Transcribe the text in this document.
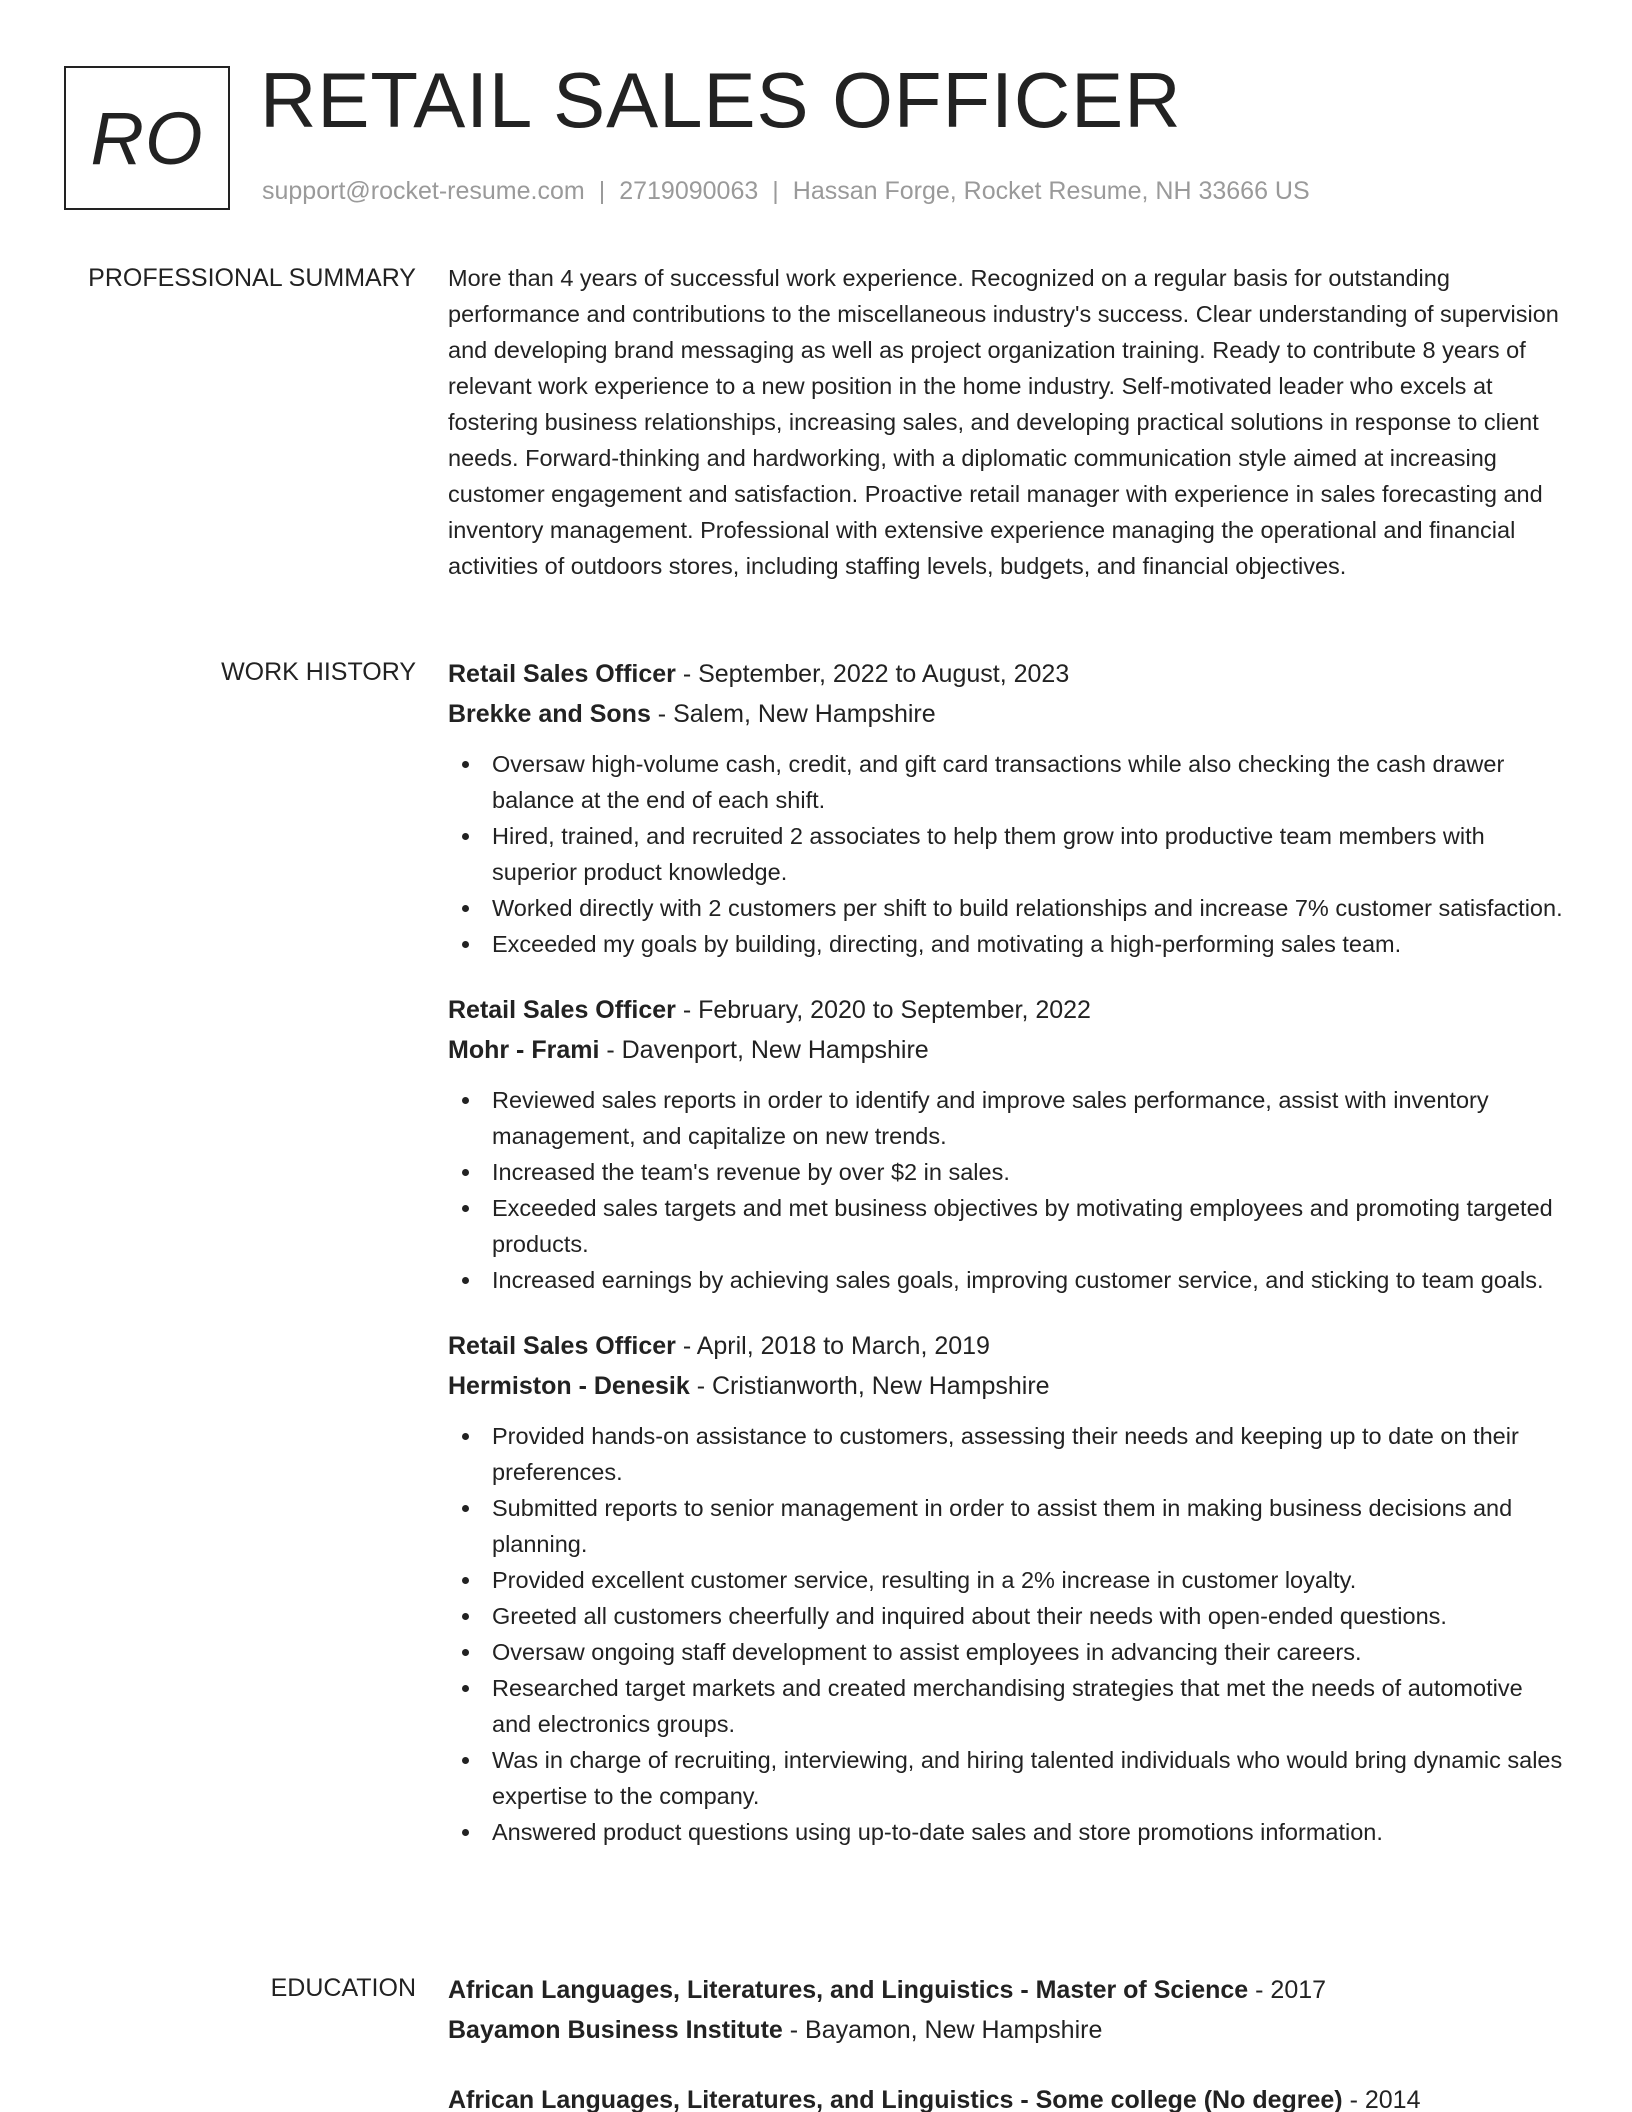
RO RETAIL SALES OFFICER
support@rocket-resume.com | 2719090063 | Hassan Forge, Rocket Resume, NH 33666 US
PROFESSIONAL SUMMARY More than 4 years of successful work experience. Recognized on a regular basis for outstanding performance and contributions to the miscellaneous industry's success. Clear understanding of supervision and developing brand messaging as well as project organization training. Ready to contribute 8 years of relevant work experience to a new position in the home industry. Self-motivated leader who excels at fostering business relationships, increasing sales, and developing practical solutions in response to client needs. Forward-thinking and hardworking, with a diplomatic communication style aimed at increasing customer engagement and satisfaction. Proactive retail manager with experience in sales forecasting and inventory management. Professional with extensive experience managing the operational and financial activities of outdoors stores, including staffing levels, budgets, and financial objectives.

WORK HISTORY Retail Sales Officer - September, 2022 to August, 2023
Brekke and Sons - Salem, New Hampshire
Oversaw high-volume cash, credit, and gift card transactions while also checking the cash drawer balance at the end of each shift.
Hired, trained, and recruited 2 associates to help them grow into productive team members with superior product knowledge.
Worked directly with 2 customers per shift to build relationships and increase 7% customer satisfaction.
Exceeded my goals by building, directing, and motivating a high-performing sales team.
Retail Sales Officer - February, 2020 to September, 2022
Mohr - Frami - Davenport, New Hampshire
Reviewed sales reports in order to identify and improve sales performance, assist with inventory management, and capitalize on new trends.
Increased the team's revenue by over $2 in sales.
Exceeded sales targets and met business objectives by motivating employees and promoting targeted products.
Increased earnings by achieving sales goals, improving customer service, and sticking to team goals.
Retail Sales Officer - April, 2018 to March, 2019
Hermiston - Denesik - Cristianworth, New Hampshire
Provided hands-on assistance to customers, assessing their needs and keeping up to date on their preferences.
Submitted reports to senior management in order to assist them in making business decisions and planning.
Provided excellent customer service, resulting in a 2% increase in customer loyalty.
Greeted all customers cheerfully and inquired about their needs with open-ended questions.
Oversaw ongoing staff development to assist employees in advancing their careers.
Researched target markets and created merchandising strategies that met the needs of automotive and electronics groups.
Was in charge of recruiting, interviewing, and hiring talented individuals who would bring dynamic sales expertise to the company.
Answered product questions using up-to-date sales and store promotions information.
EDUCATION African Languages, Literatures, and Linguistics - Master of Science - 2017
Bayamon Business Institute - Bayamon, New Hampshire
African Languages, Literatures, and Linguistics - Some college (No degree) - 2014
